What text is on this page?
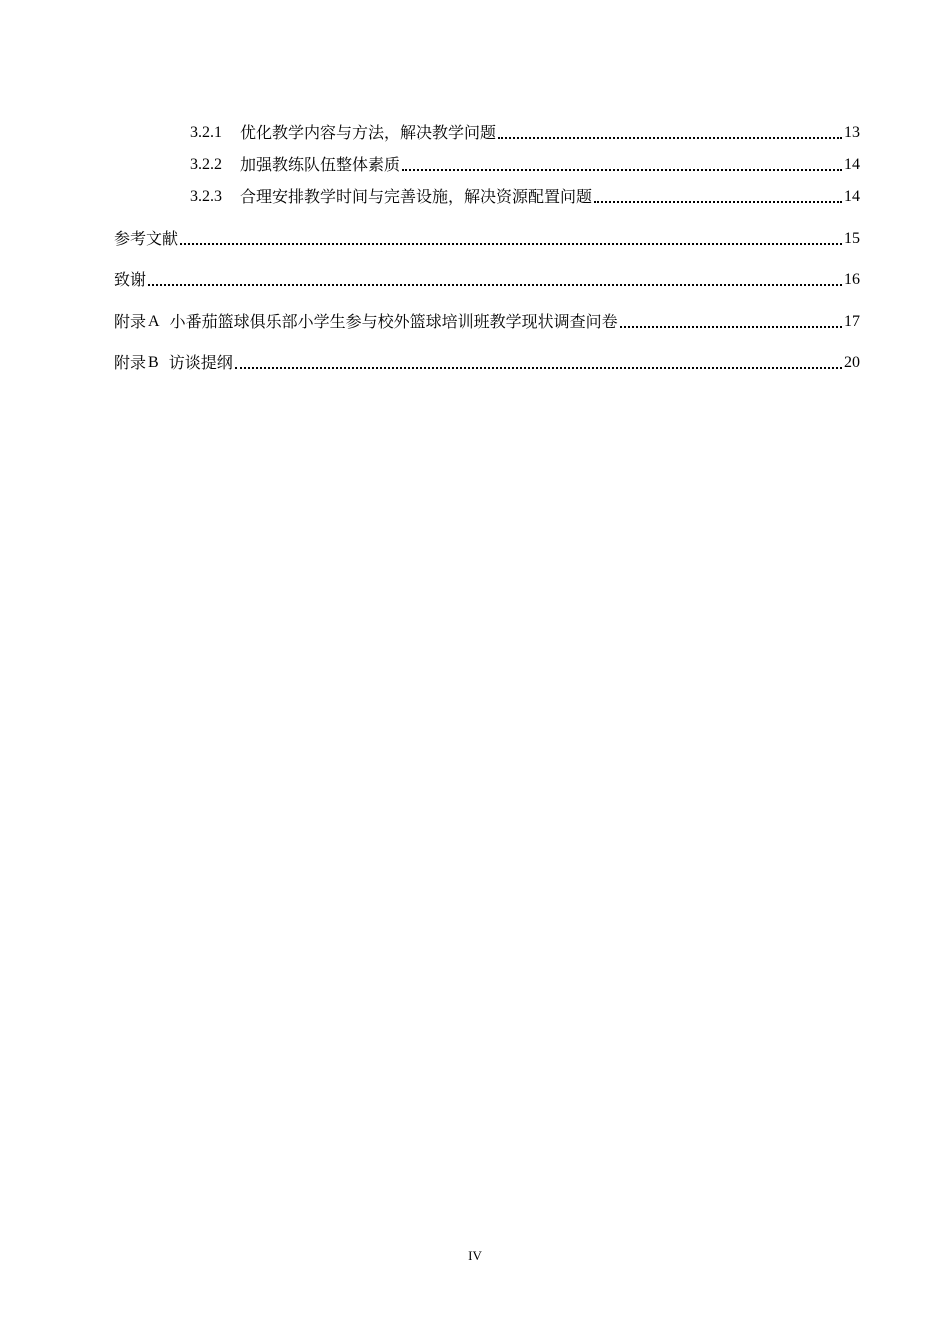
3.2.1 优化教学内容与方法，解决教学问题	13
3.2.2 加强教练队伍整体素质	14
3.2.3 合理安排教学时间与完善设施，解决资源配置问题	14
参考文献	15
致谢	16
附录 A 小番茄篮球俱乐部小学生参与校外篮球培训班教学现状调查问卷	17
附录 B 访谈提纲	20
IV
